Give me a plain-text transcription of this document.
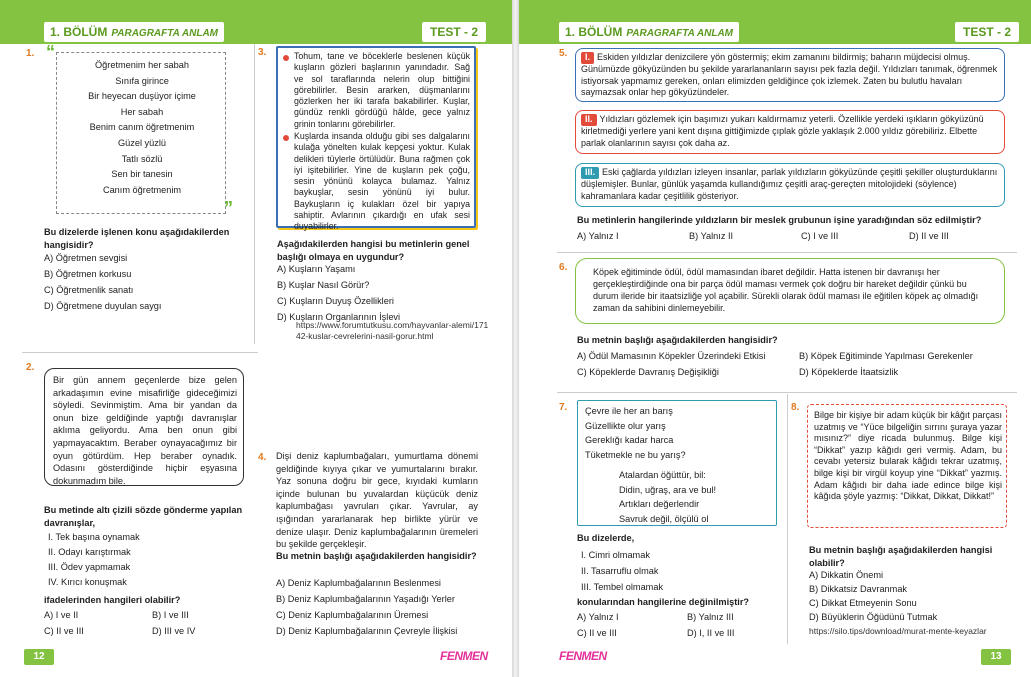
1. BÖLÜM PARAGRAFTA ANLAM	TEST - 2
1. “
”
Öğretmenim her sabah
Sınıfa girince
Bir heyecan duşüyor içime
Her sabah
Benim canım öğretmenim
Güzel yüzlü
Tatlı sözlü
Sen bir tanesin
Canım öğretmenim
Bu dizelerde işlenen konu aşağıdakilerden hangisidir?
A) Öğretmen sevgisi
B) Öğretmen korkusu
C) Öğretmenlik sanatı
D) Öğretmene duyulan saygı
2.
Bir gün annem geçenlerde bize gelen arkadaşımın evine misafirliğe gideceğimizi söyledi. Sevinmiştim. Ama bir yandan da onun bize geldiğinde yaptığı davranışlar aklıma geliyordu. Ama ben onun gibi yapmayacaktım. Beraber oynayacağımız bir oyun götürdüm. Hep beraber oynadık. Odasını gösterdiğinde hiçbir eşyasına dokunmadım bile.
Bu metinde altı çizili sözde gönderme yapılan davranışlar,
I. Tek başına oynamak
II. Odayı karıştırmak
III. Ödev yapmamak
IV. Kırıcı konuşmak
ifadelerinden hangileri olabilir?
A) I ve II	B) I ve III
C) II ve III	D) III ve IV
3.	Tohum, tane ve böceklerle beslenen küçük kuşların gözleri başlarının yanındadır. Sağ ve sol taraflarında nelerin olup bittiğini görebilirler. Besin ararken, düşmanlarını gözlerken her iki tarafa bakabilirler. Kuşlar, gündüz renkli gördüğü hâlde, gece yalnız grinin tonlarını görebilirler.
Kuşlarda insanda olduğu gibi ses dalgalarını kulağa yönelten kulak kepçesi yoktur. Kulak delikleri tüylerle örtülüdür. Buna rağmen çok iyi işitebilirler. Yine de kuşların pek çoğu, sesin yönünü kolayca bulamaz. Yalnız baykuşlar, sesin yönünü iyi bulur. Baykuşların iç kulakları özel bir yapıya sahiptir. Avlarının çıkardığı en ufak sesi duyabilirler.
Aşağıdakilerden hangisi bu metinlerin genel başlığı olmaya en uygundur?
A) Kuşların Yaşamı
B) Kuşlar Nasıl Görür?
C) Kuşların Duyuş Özellikleri
D) Kuşların Organlarının İşlevi
https://www.forumtutkusu.com/hayvanlar-alemi/17142-kuslar-cevrelerini-nasil-gorur.html
4. Dişi deniz kaplumbağaları, yumurtlama dönemi geldiğinde kıyıya çıkar ve yumurtalarını bırakır. Yaz sonuna doğru bir gece, kıyıdaki kumların içinde bulunan bu yuvalardan küçücük deniz kaplumbağası yavruları çıkar. Yavrular, ay ışığından yararlanarak hep birlikte yürür ve denize ulaşır. Deniz kaplumbağalarının üremeleri bu şekilde gerçekleşir.
Bu metnin başlığı aşağıdakilerden hangisidir?
A) Deniz Kaplumbağalarının Beslenmesi
B) Deniz Kaplumbağalarının Yaşadığı Yerler
C) Deniz Kaplumbağalarının Üremesi
D) Deniz Kaplumbağalarının Çevreyle İlişkisi
12	FENMEN
1. BÖLÜM PARAGRAFTA ANLAM	TEST - 2
5.	I. Eskiden yıldızlar denizcilere yön göstermiş; ekim zamanını bildirmiş; baharın müjdecisi olmuş. Günümüzde gökyüzünden bu şekilde yararlananların sayısı pek fazla değil. Yıldızları tanımak, öğrenmek istiyorsak yapmamız gereken, onları elimizden geldiğince çok izlemek. Zaten bu bulutlu havaları saymazsak onlar hep gökyüzündeler.
II. Yıldızları gözlemek için başımızı yukarı kaldırmamız yeterli. Özellikle yerdeki ışıkların gökyüzünü kirletmediği yerlere yani kent dışına gittiğimizde çıplak gözle yaklaşık 2.000 yıldız görebiliriz. Elbette parlak olanlarının sayısı çok daha az.
III. Eski çağlarda yıldızları izleyen insanlar, parlak yıldızların gökyüzünde çeşitli şekiller oluşturduklarını düşlemişler. Bunlar, günlük yaşamda kullandığımız çeşitli araç-gereçten mitolojideki (söylence) kahramanlara kadar çeşitlilik gösteriyor.
Bu metinlerin hangilerinde yıldızların bir meslek grubunun işine yaradığından söz edilmiştir?
A) Yalnız I	B) Yalnız II	C) I ve III	D) II ve III
6.	Köpek eğitiminde ödül, ödül mamasından ibaret değildir. Hatta istenen bir davranışı her gerçekleştirdiğinde ona bir parça ödül maması vermek çok doğru bir hareket değildir çünkü bu durum ileride bir itaatsizliğe yol açabilir. Sürekli olarak ödül maması ile eğitilen köpek aç olmadığı zaman da sahibini dinlemeyebilir.
Bu metnin başlığı aşağıdakilerden hangisidir?
A) Ödül Mamasının Köpekler Üzerindeki Etkisi	B) Köpek Eğitiminde Yapılması Gerekenler
C) Köpeklerde Davranış Değişikliği	D) Köpeklerde İtaatsizlik
7. Çevre ile her an barış
Güzellikte olur yarış
Gereklığı kadar harca
Tüketmekle ne bu yarış?
Atalardan öğüttür, bil:
Didin, uğraş, ara ve bul!
Artıkları değerlendir
Savruk değil, ölçülü ol
Bu dizelerde,
I. Cimri olmamak
II. Tasarruflu olmak
III. Tembel olmamak
konularından hangilerine değinilmiştir?
A) Yalnız I	B) Yalnız III
C) II ve III	D) I, II ve III
8.
Bilge bir kişiye bir adam küçük bir kâğıt parçası uzatmış ve “Yüce bilgeliğin sırrını şuraya yazar mısınız?” diye ricada bulunmuş. Bilge kişi “Dikkat” yazıp kâğıdı geri vermiş. Adam, bu cevabı yetersiz bularak kâğıdı tekrar uzatmış, bilge kişi bir virgül koyup yine “Dikkat” yazmış. Adam kâğıdı bir daha iade edince bilge kişi kâğıda şöyle yazmış: “Dikkat, Dikkat, Dikkat!”
Bu metnin başlığı aşağıdakilerden hangisi olabilir?
A) Dikkatin Önemi
B) Dikkatsiz Davranmak
C) Dikkat Etmeyenin Sonu
D) Büyüklerin Öğüdünü Tutmak
https://silo.tips/download/murat-mente-keyazlar
FENMEN	13
